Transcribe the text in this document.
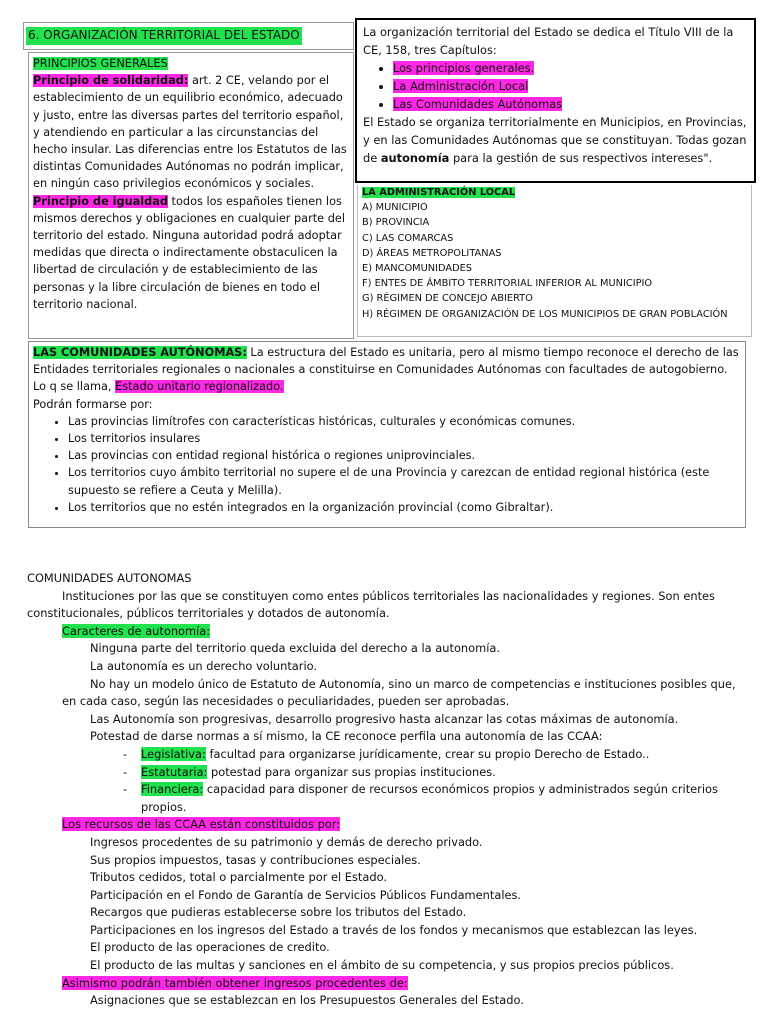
6. ORGANIZACIÓN TERRITORIAL DEL ESTADO

PRINCIPIOS GENERALES

Principio de solidaridad: art. 2 CE, velando por el establecimiento de un equilibrio económico, adecuado y justo, entre las diversas partes del territorio español, y atendiendo en particular a las circunstancias del hecho insular. Las diferencias entre los Estatutos de las distintas Comunidades Autónomas no podrán implicar, en ningún caso privilegios económicos y sociales.

Principio de igualdad todos los españoles tienen los mismos derechos y obligaciones en cualquier parte del territorio del estado. Ninguna autoridad podrá adoptar medidas que directa o indirectamente obstaculicen la libertad de circulación y de establecimiento de las personas y la libre circulación de bienes en todo el territorio nacional.

La organización territorial del Estado se dedica el Título VIII de la CE, 158, tres Capítulos:

• Los principios generales.
• La Administración Local
• Las Comunidades Autónomas

El Estado se organiza territorialmente en Municipios, en Provincias, y en las Comunidades Autónomas que se constituyan. Todas gozan de autonomía para la gestión de sus respectivos intereses".

LA ADMINISTRACIÓN LOCAL

A) MUNICIPIO

B) PROVINCIA

C) LAS COMARCAS

D) ÁREAS METROPOLITANAS

E) MANCOMUNIDADES

F) ENTES DE ÁMBITO TERRITORIAL INFERIOR AL MUNICIPIO

G) RÉGIMEN DE CONCEJO ABIERTO

H) RÉGIMEN DE ORGANIZACIÓN DE LOS MUNICIPIOS DE GRAN POBLACIÓN

LAS COMUNIDADES AUTÓNOMAS: La estructura del Estado es unitaria, pero al mismo tiempo reconoce el derecho de las Entidades territoriales regionales o nacionales a constituirse en Comunidades Autónomas con facultades de autogobierno. Lo q se llama, Estado unitario regionalizado.

Podrán formarse por:

• Las provincias limítrofes con características históricas, culturales y económicas comunes.
• Los territorios insulares
• Las provincias con entidad regional histórica o regiones uniprovinciales.
• Los territorios cuyo ámbito territorial no supere el de una Provincia y carezcan de entidad regional histórica (este supuesto se refiere a Ceuta y Melilla).
• Los territorios que no estén integrados en la organización provincial (como Gibraltar).

COMUNIDADES AUTONOMAS

Instituciones por las que se constituyen como entes públicos territoriales las nacionalidades y regiones. Son entes constitucionales, públicos territoriales y dotados de autonomía.

Caracteres de autonomía:

Ninguna parte del territorio queda excluida del derecho a la autonomía.

La autonomía es un derecho voluntario.

No hay un modelo único de Estatuto de Autonomía, sino un marco de competencias e instituciones posibles que, en cada caso, según las necesidades o peculiaridades, pueden ser aprobadas.

Las Autonomía son progresivas, desarrollo progresivo hasta alcanzar las cotas máximas de autonomía.

Potestad de darse normas a sí mismo, la CE reconoce perfila una autonomía de las CCAA:

-	Legislativa: facultad para organizarse jurídicamente, crear su propio Derecho de Estado..
-	Estatutaria: potestad para organizar sus propias instituciones.
-	Financiera: capacidad para disponer de recursos económicos propios y administrados según criterios propios.

Los recursos de las CCAA están constituidos por:

Ingresos procedentes de su patrimonio y demás de derecho privado.

Sus propios impuestos, tasas y contribuciones especiales.

Tributos cedidos, total o parcialmente por el Estado.

Participación en el Fondo de Garantía de Servicios Públicos Fundamentales.

Recargos que pudieras establecerse sobre los tributos del Estado.

Participaciones en los ingresos del Estado a través de los fondos y mecanismos que establezcan las leyes.

El producto de las operaciones de credito.

El producto de las multas y sanciones en el ámbito de su competencia, y sus propios precios públicos.

Asimismo podrán también obtener ingresos procedentes de:

Asignaciones que se establezcan en los Presupuestos Generales del Estado.
